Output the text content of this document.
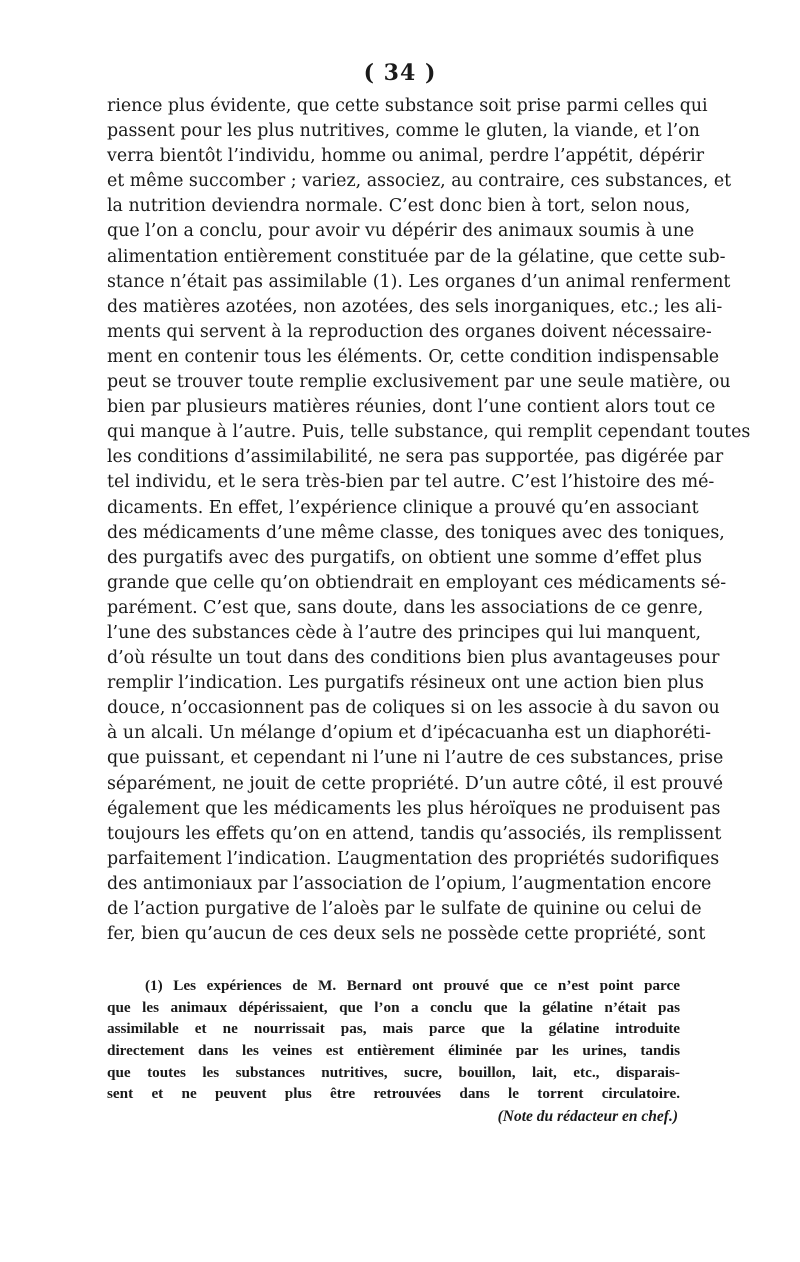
( 34 )
rience plus évidente, que cette substance soit prise parmi celles qui
passent pour les plus nutritives, comme le gluten, la viande, et l’on
verra bientôt l’individu, homme ou animal, perdre l’appétit, dépérir
et même succomber ; variez, associez, au contraire, ces substances, et
la nutrition deviendra normale. C’est donc bien à tort, selon nous,
que l’on a conclu, pour avoir vu dépérir des animaux soumis à une
alimentation entièrement constituée par de la gélatine, que cette sub-
stance n’était pas assimilable (1). Les organes d’un animal renferment
des matières azotées, non azotées, des sels inorganiques, etc.; les ali-
ments qui servent à la reproduction des organes doivent nécessaire-
ment en contenir tous les éléments. Or, cette condition indispensable
peut se trouver toute remplie exclusivement par une seule matière, ou
bien par plusieurs matières réunies, dont l’une contient alors tout ce
qui manque à l’autre. Puis, telle substance, qui remplit cependant toutes
les conditions d’assimilabilité, ne sera pas supportée, pas digérée par
tel individu, et le sera très-bien par tel autre. C’est l’histoire des mé-
dicaments. En effet, l’expérience clinique a prouvé qu’en associant
des médicaments d’une même classe, des toniques avec des toniques,
des purgatifs avec des purgatifs, on obtient une somme d’effet plus
grande que celle qu’on obtiendrait en employant ces médicaments sé-
parément. C’est que, sans doute, dans les associations de ce genre,
l’une des substances cède à l’autre des principes qui lui manquent,
d’où résulte un tout dans des conditions bien plus avantageuses pour
remplir l’indication. Les purgatifs résineux ont une action bien plus
douce, n’occasionnent pas de coliques si on les associe à du savon ou
à un alcali. Un mélange d’opium et d’ipécacuanha est un diaphoréti-
que puissant, et cependant ni l’une ni l’autre de ces substances, prise
séparément, ne jouit de cette propriété. D’un autre côté, il est prouvé
également que les médicaments les plus héroïques ne produisent pas
toujours les effets qu’on en attend, tandis qu’associés, ils remplissent
parfaitement l’indication. L’augmentation des propriétés sudorifiques
des antimoniaux par l’association de l’opium, l’augmentation encore
de l’action purgative de l’aloès par le sulfate de quinine ou celui de
fer, bien qu’aucun de ces deux sels ne possède cette propriété, sont
(1) Les expériences de M. Bernard ont prouvé que ce n’est point parce
que les animaux dépérissaient, que l’on a conclu que la gélatine n’était pas
assimilable et ne nourrissait pas, mais parce que la gélatine introduite
directement dans les veines est entièrement éliminée par les urines, tandis
que toutes les substances nutritives, sucre, bouillon, lait, etc., disparais-
sent et ne peuvent plus être retrouvées dans le torrent circulatoire.
(Note du rédacteur en chef.)
